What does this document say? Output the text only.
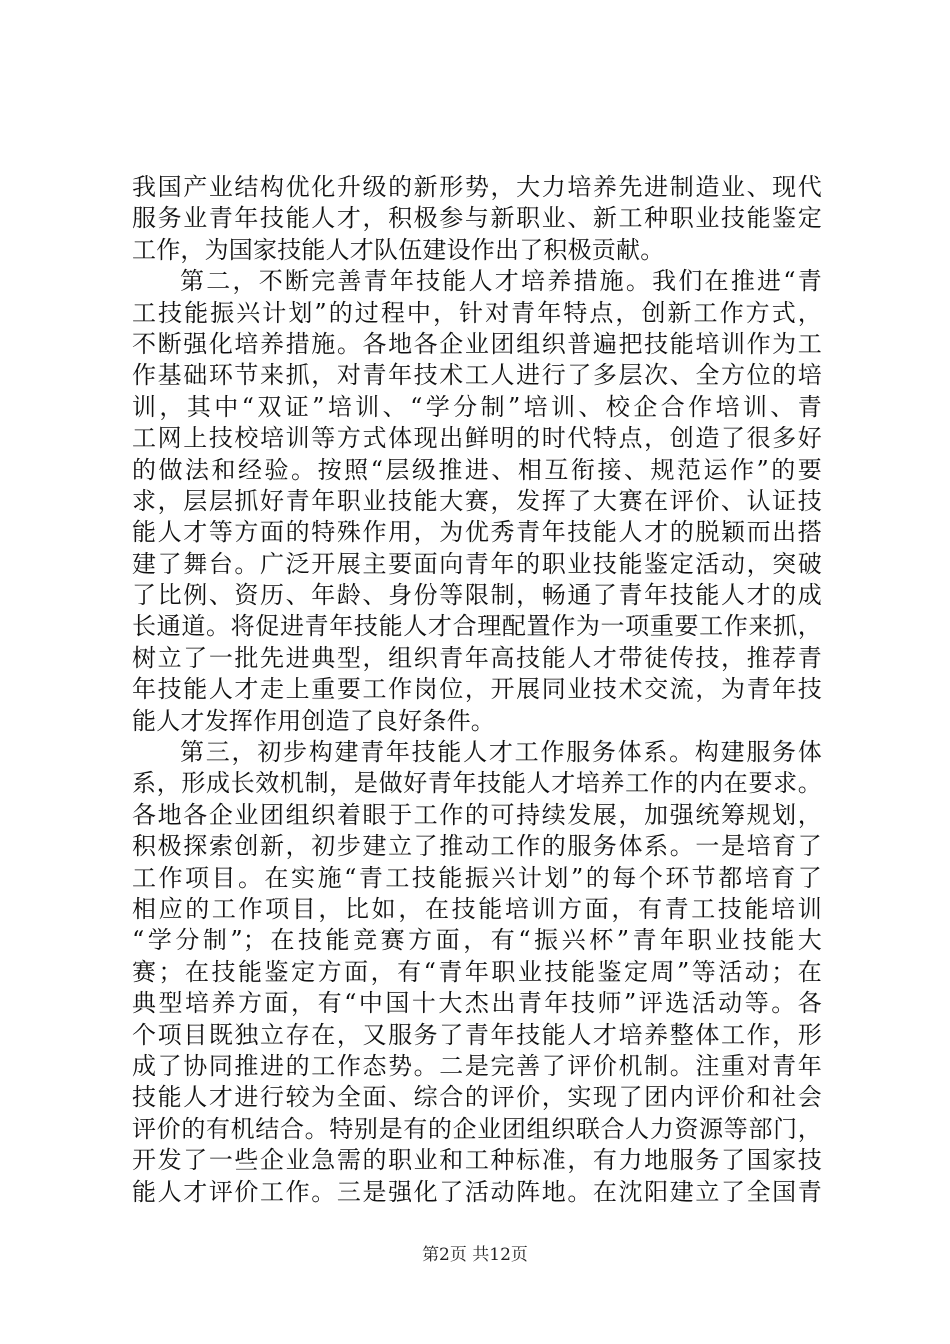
我国产业结构优化升级的新形势，大力培养先进制造业、现代
服务业青年技能人才，积极参与新职业、新工种职业技能鉴定
工作，为国家技能人才队伍建设作出了积极贡献。
第二，不断完善青年技能人才培养措施。我们在推进“青
工技能振兴计划”的过程中，针对青年特点，创新工作方式，
不断强化培养措施。各地各企业团组织普遍把技能培训作为工
作基础环节来抓，对青年技术工人进行了多层次、全方位的培
训，其中“双证”培训、“学分制”培训、校企合作培训、青
工网上技校培训等方式体现出鲜明的时代特点，创造了很多好
的做法和经验。按照“层级推进、相互衔接、规范运作”的要
求，层层抓好青年职业技能大赛，发挥了大赛在评价、认证技
能人才等方面的特殊作用，为优秀青年技能人才的脱颖而出搭
建了舞台。广泛开展主要面向青年的职业技能鉴定活动，突破
了比例、资历、年龄、身份等限制，畅通了青年技能人才的成
长通道。将促进青年技能人才合理配置作为一项重要工作来抓，
树立了一批先进典型，组织青年高技能人才带徒传技，推荐青
年技能人才走上重要工作岗位，开展同业技术交流，为青年技
能人才发挥作用创造了良好条件。
第三，初步构建青年技能人才工作服务体系。构建服务体
系，形成长效机制，是做好青年技能人才培养工作的内在要求。
各地各企业团组织着眼于工作的可持续发展，加强统筹规划，
积极探索创新，初步建立了推动工作的服务体系。一是培育了
工作项目。在实施“青工技能振兴计划”的每个环节都培育了
相应的工作项目，比如，在技能培训方面，有青工技能培训
“学分制”；在技能竞赛方面，有“振兴杯”青年职业技能大
赛；在技能鉴定方面，有“青年职业技能鉴定周”等活动；在
典型培养方面，有“中国十大杰出青年技师”评选活动等。各
个项目既独立存在，又服务了青年技能人才培养整体工作，形
成了协同推进的工作态势。二是完善了评价机制。注重对青年
技能人才进行较为全面、综合的评价，实现了团内评价和社会
评价的有机结合。特别是有的企业团组织联合人力资源等部门，
开发了一些企业急需的职业和工种标准，有力地服务了国家技
能人才评价工作。三是强化了活动阵地。在沈阳建立了全国青
第2页 共12页
